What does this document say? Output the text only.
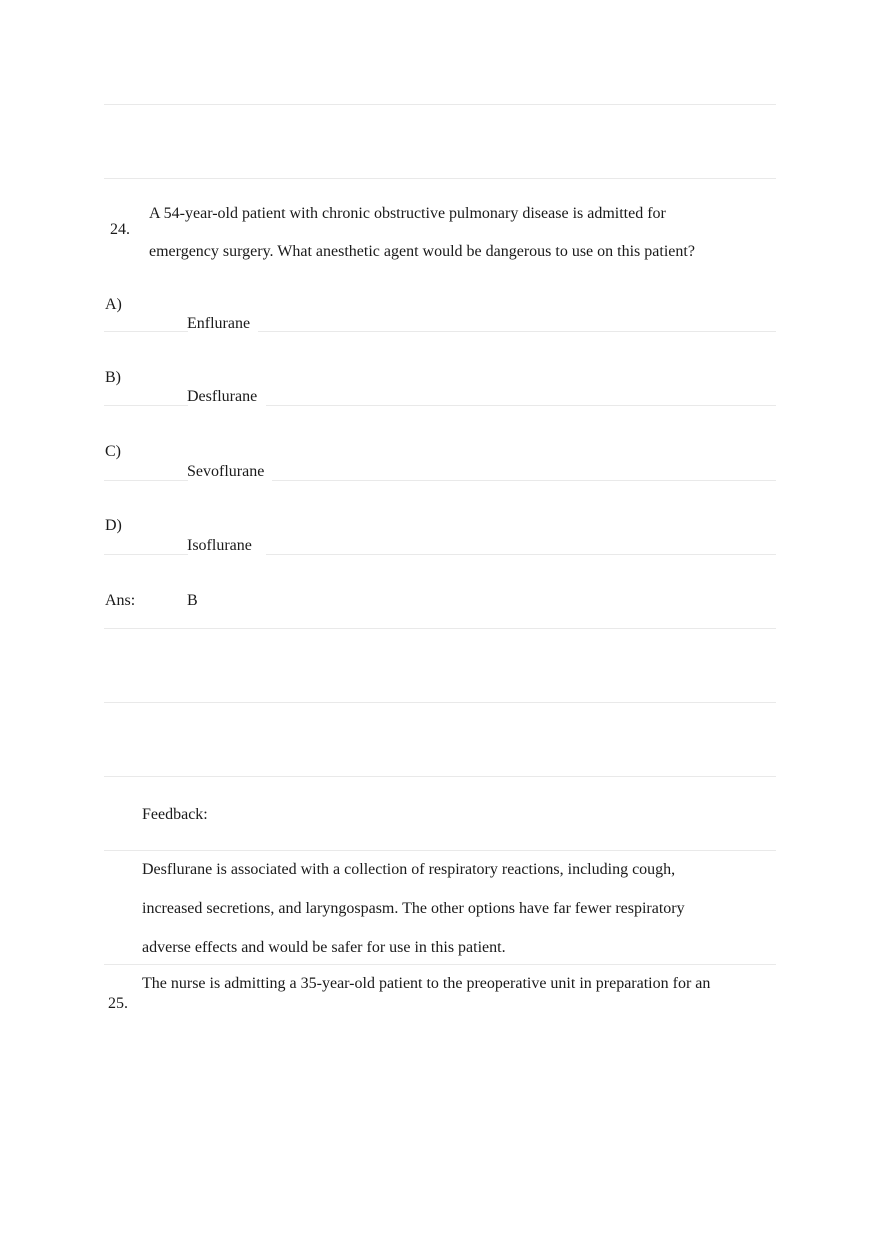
24.
A 54-year-old patient with chronic obstructive pulmonary disease is admitted for
emergency surgery. What anesthetic agent would be dangerous to use on this patient?
A)
Enflurane
B)
Desflurane
C)
Sevoflurane
D)
Isoflurane
Ans:	B
Feedback:
Desflurane is associated with a collection of respiratory reactions, including cough,
increased secretions, and laryngospasm. The other options have far fewer respiratory
adverse effects and would be safer for use in this patient.
25.
The nurse is admitting a 35-year-old patient to the preoperative unit in preparation for an
